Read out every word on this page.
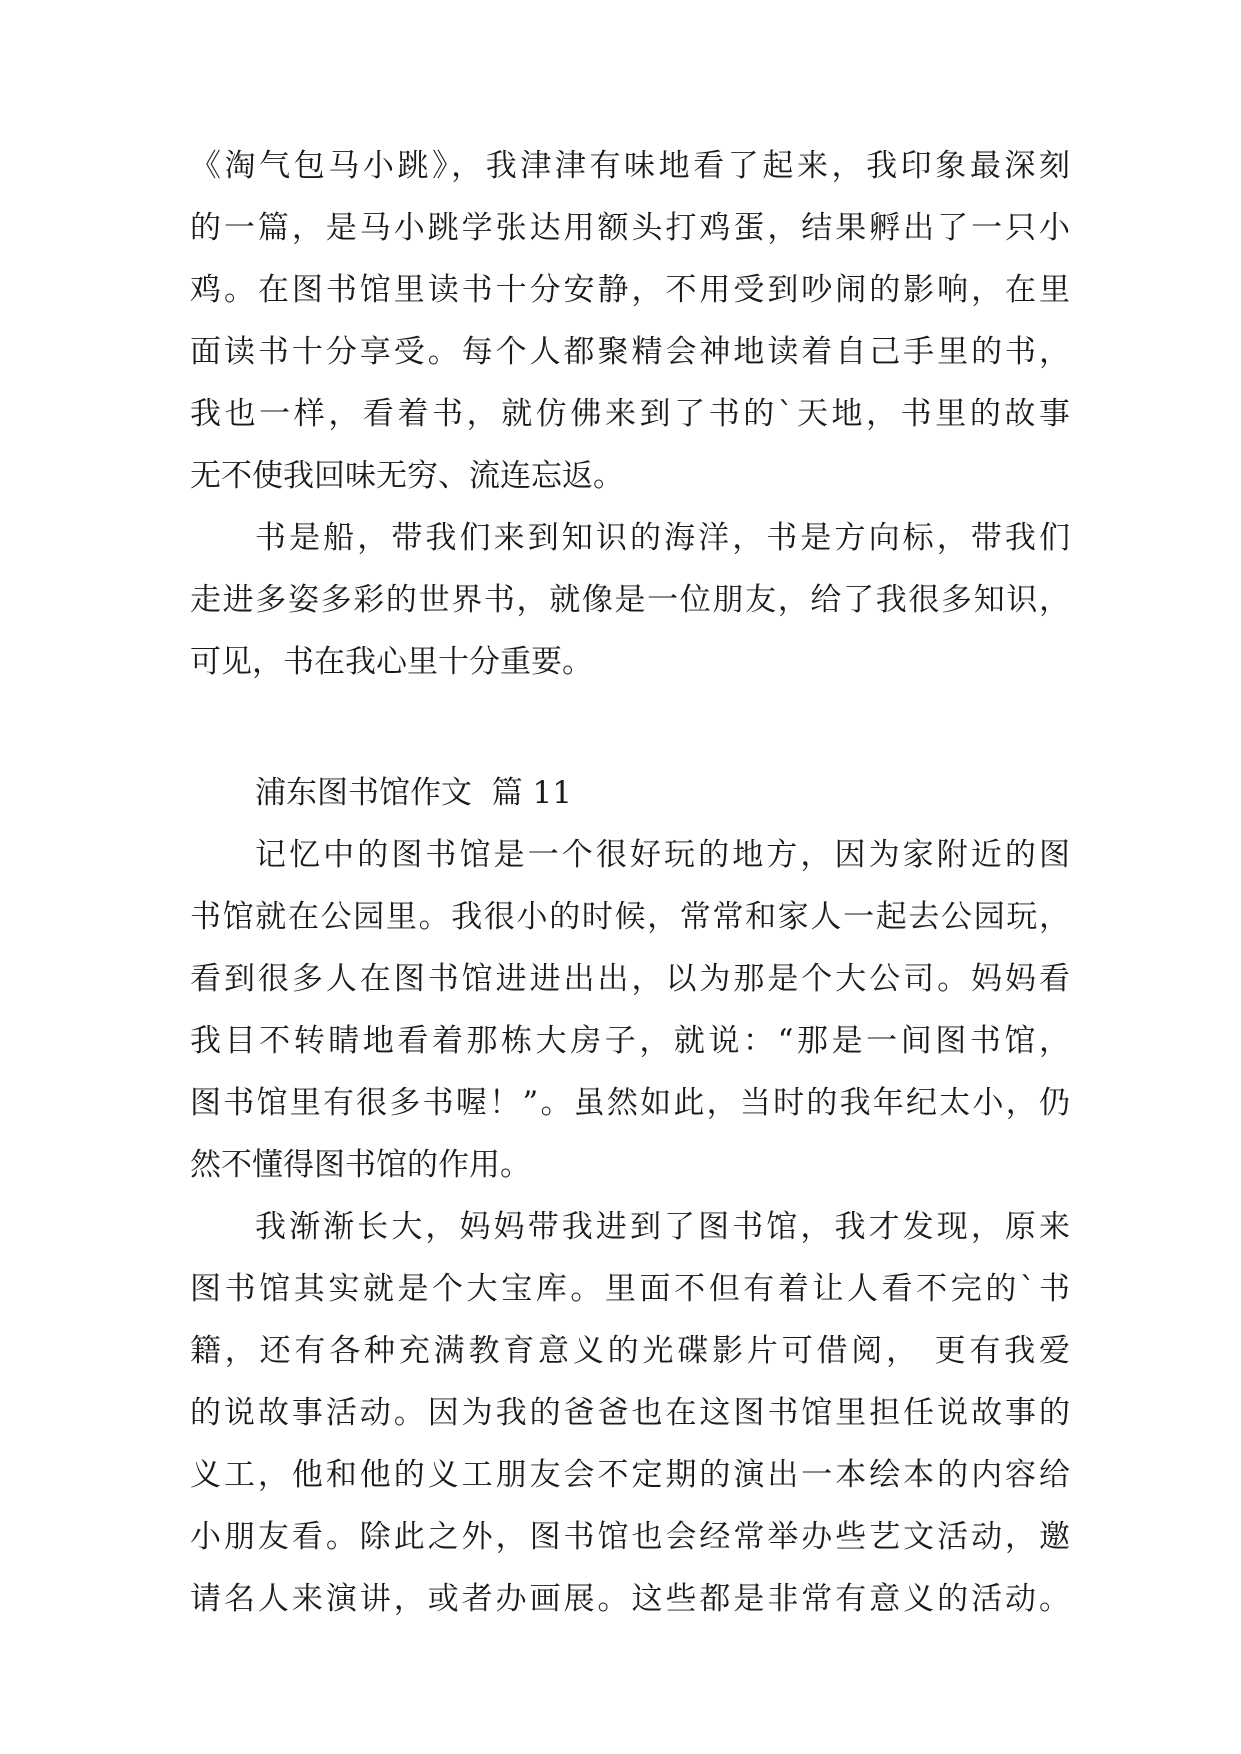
《淘气包马小跳》，我津津有味地看了起来，我印象最深刻
的一篇，是马小跳学张达用额头打鸡蛋，结果孵出了一只小
鸡。在图书馆里读书十分安静，不用受到吵闹的影响，在里
面读书十分享受。每个人都聚精会神地读着自己手里的书，
我也一样，看着书，就仿佛来到了书的`天地，书里的故事
无不使我回味无穷、流连忘返。
书是船，带我们来到知识的海洋，书是方向标，带我们
走进多姿多彩的世界书，就像是一位朋友，给了我很多知识，
可见，书在我心里十分重要。
浦东图书馆作文  篇 11
记忆中的图书馆是一个很好玩的地方，因为家附近的图
书馆就在公园里。我很小的时候，常常和家人一起去公园玩，
看到很多人在图书馆进进出出，以为那是个大公司。妈妈看
我目不转睛地看着那栋大房子，就说：“那是一间图书馆，
图书馆里有很多书喔！”。虽然如此，当时的我年纪太小，仍
然不懂得图书馆的作用。
我渐渐长大，妈妈带我进到了图书馆，我才发现，原来
图书馆其实就是个大宝库。里面不但有着让人看不完的`书
籍，还有各种充满教育意义的光碟影片可借阅， 更有我爱
的说故事活动。因为我的爸爸也在这图书馆里担任说故事的
义工，他和他的义工朋友会不定期的演出一本绘本的内容给
小朋友看。除此之外，图书馆也会经常举办些艺文活动，邀
请名人来演讲，或者办画展。这些都是非常有意义的活动。
